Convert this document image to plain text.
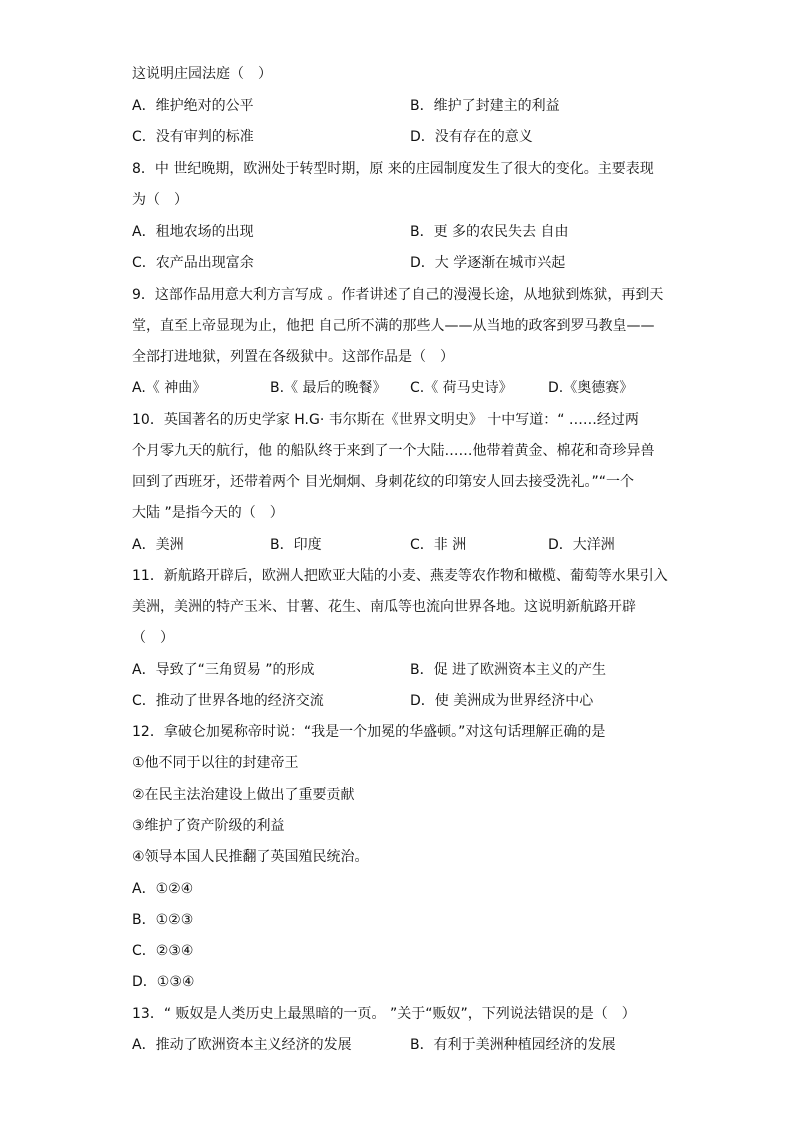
这说明庄园法庭（　）
A．维护绝对的公平	B．维护了封建主的利益
C．没有审判的标准	D．没有存在的意义
8．中 世纪晚期，欧洲处于转型时期，原 来的庄园制度发生了很大的变化。主要表现
为（　）
A．租地农场的出现	B．更 多的农民失去 自由
C．农产品出现富余	D．大 学逐渐在城市兴起
9．这部作品用意大利方言写成 。作者讲述了自己的漫漫长途，从地狱到炼狱，再到天
堂，直至上帝显现为止，他把 自己所不满的那些人——从当地的政客到罗马教皇——
全部打进地狱，列置在各级狱中。这部作品是（　）
A.《 神曲》	B.《 最后的晚餐》 C.《 荷马史诗》	D.《奥德赛》
10．英国著名的历史学家 H.G· 韦尔斯在《世界文明史》 十中写道：“ ……经过两
个月零九天的航行，他 的船队终于来到了一个大陆……他带着黄金、棉花和奇珍异兽
回到了西班牙，还带着两个 目光炯炯、身刺花纹的印第安人回去接受洗礼。”“一个
大陆 ”是指今天的（　）
A．美洲	B．印度	C．非 洲	D．大洋洲
11．新航路开辟后，欧洲人把欧亚大陆的小麦、燕麦等农作物和橄榄、葡萄等水果引入
美洲，美洲的特产玉米、甘薯、花生、南瓜等也流向世界各地。这说明新航路开辟
（　）
A．导致了“三角贸易 ”的形成	B．促 进了欧洲资本主义的产生
C．推动了世界各地的经济交流	D．使 美洲成为世界经济中心
12．拿破仑加冕称帝时说：“我是一个加冕的华盛顿。”对这句话理解正确的是
①他不同于以往的封建帝王
②在民主法治建设上做出了重要贡献
③维护了资产阶级的利益
④领导本国人民推翻了英国殖民统治。
A．①②④
B．①②③
C．②③④
D．①③④
13．“ 贩奴是人类历史上最黑暗的一页。 ”关于“贩奴”，下列说法错误的是（　）
A．推动了欧洲资本主义经济的发展	B．有利于美洲种植园经济的发展
